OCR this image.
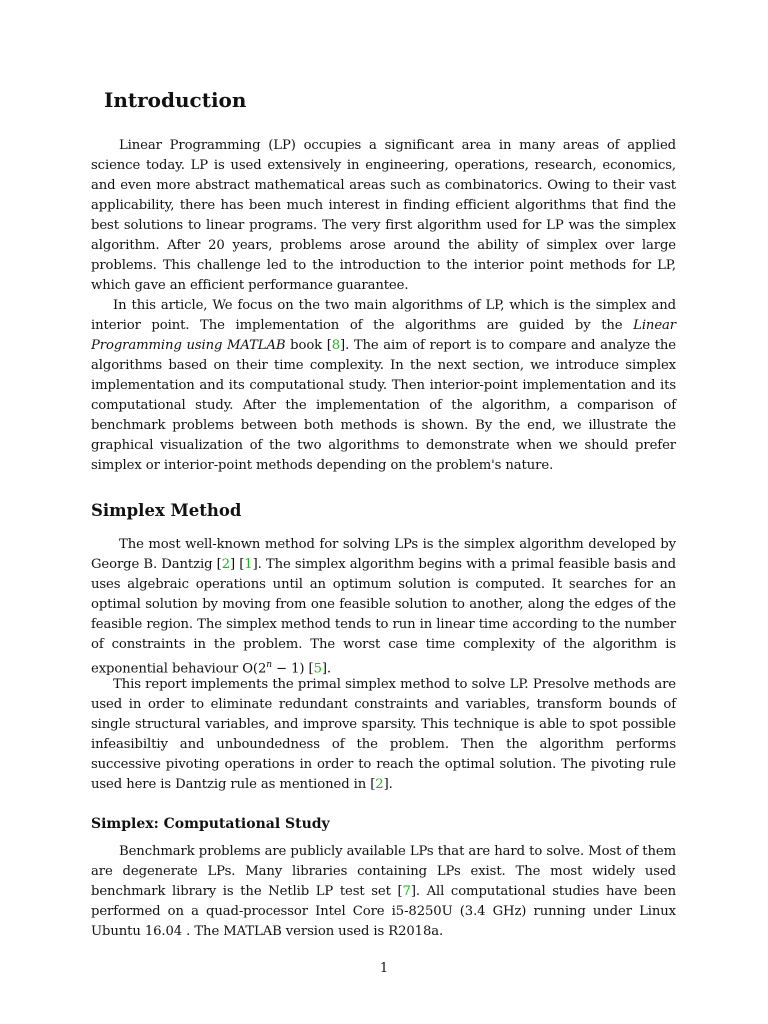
Introduction

Linear Programming (LP) occupies a significant area in many areas of applied science today. LP is used extensively in engineering, operations, research, economics, and even more abstract mathematical areas such as combinatorics. Owing to their vast applicability, there has been much interest in finding efficient algorithms that find the best solutions to linear programs. The very first algorithm used for LP was the simplex algorithm. After 20 years, problems arose around the ability of simplex over large problems. This challenge led to the introduction to the interior point methods for LP, which gave an efficient performance guarantee.

In this article, We focus on the two main algorithms of LP, which is the simplex and interior point. The implementation of the algorithms are guided by the Linear Programming using MATLAB book [8]. The aim of report is to compare and analyze the algorithms based on their time complexity. In the next section, we introduce simplex implementation and its computational study. Then interior-point implementation and its computational study. After the implementation of the algorithm, a comparison of benchmark problems between both methods is shown. By the end, we illustrate the graphical visualization of the two algorithms to demonstrate when we should prefer simplex or interior-point methods depending on the problem's nature.

Simplex Method

The most well-known method for solving LPs is the simplex algorithm developed by George B. Dantzig [2] [1]. The simplex algorithm begins with a primal feasible basis and uses algebraic operations until an optimum solution is computed. It searches for an optimal solution by moving from one feasible solution to another, along the edges of the feasible region. The simplex method tends to run in linear time according to the number of constraints in the problem. The worst case time complexity of the algorithm is exponential behaviour $O(2^n - 1)$ [5].

This report implements the primal simplex method to solve LP. Presolve methods are used in order to eliminate redundant constraints and variables, transform bounds of single structural variables, and improve sparsity. This technique is able to spot possible infeasibiltiy and unboundedness of the problem. Then the algorithm performs successive pivoting operations in order to reach the optimal solution. The pivoting rule used here is Dantzig rule as mentioned in [2].

Simplex: Computational Study

Benchmark problems are publicly available LPs that are hard to solve. Most of them are degenerate LPs. Many libraries containing LPs exist. The most widely used benchmark library is the Netlib LP test set [7]. All computational studies have been performed on a quad-processor Intel Core i5-8250U (3.4 GHz) running under Linux Ubuntu 16.04 . The MATLAB version used is R2018a.

1
